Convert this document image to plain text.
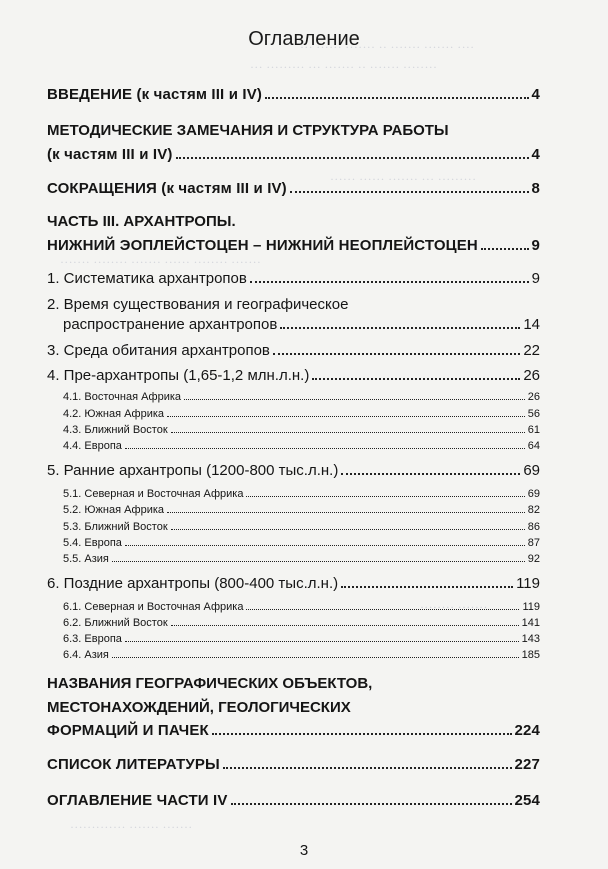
··· ······ ······· ·· ······· ······· ····
··· ········· ··· ······· ·· ······· ········
······ ······ ······· ··· ·········
······· ········ ······· ······ ········ ·······
········ ·······
············· ······· ·······
Оглавление
ВВЕДЕНИЕ (к частям III и IV)	4
МЕТОДИЧЕСКИЕ ЗАМЕЧАНИЯ И СТРУКТУРА РАБОТЫ
(к частям III и IV)	4
СОКРАЩЕНИЯ (к частям III и IV)	8
ЧАСТЬ III. АРХАНТРОПЫ.
НИЖНИЙ ЭОПЛЕЙСТОЦЕН – НИЖНИЙ НЕОПЛЕЙСТОЦЕН	9
1. Систематика архантропов	9
2. Время существования и географическое
распространение архантропов	14
3. Среда обитания архантропов	22
4. Пре-архантропы (1,65-1,2 млн.л.н.)	26
4.1. Восточная Африка	26
4.2. Южная Африка	56
4.3. Ближний Восток	61
4.4. Европа	64
5. Ранние архантропы (1200-800 тыс.л.н.)	69
5.1. Северная и Восточная Африка	69
5.2. Южная Африка	82
5.3. Ближний Восток	86
5.4. Европа	87
5.5. Азия	92
6. Поздние архантропы (800-400 тыс.л.н.)	119
6.1. Северная и Восточная Африка	119
6.2. Ближний Восток	141
6.3. Европа	143
6.4. Азия	185
НАЗВАНИЯ ГЕОГРАФИЧЕСКИХ ОБЪЕКТОВ,
МЕСТОНАХОЖДЕНИЙ, ГЕОЛОГИЧЕСКИХ
ФОРМАЦИЙ И ПАЧЕК	224
СПИСОК ЛИТЕРАТУРЫ	227
ОГЛАВЛЕНИЕ ЧАСТИ IV	254
3
